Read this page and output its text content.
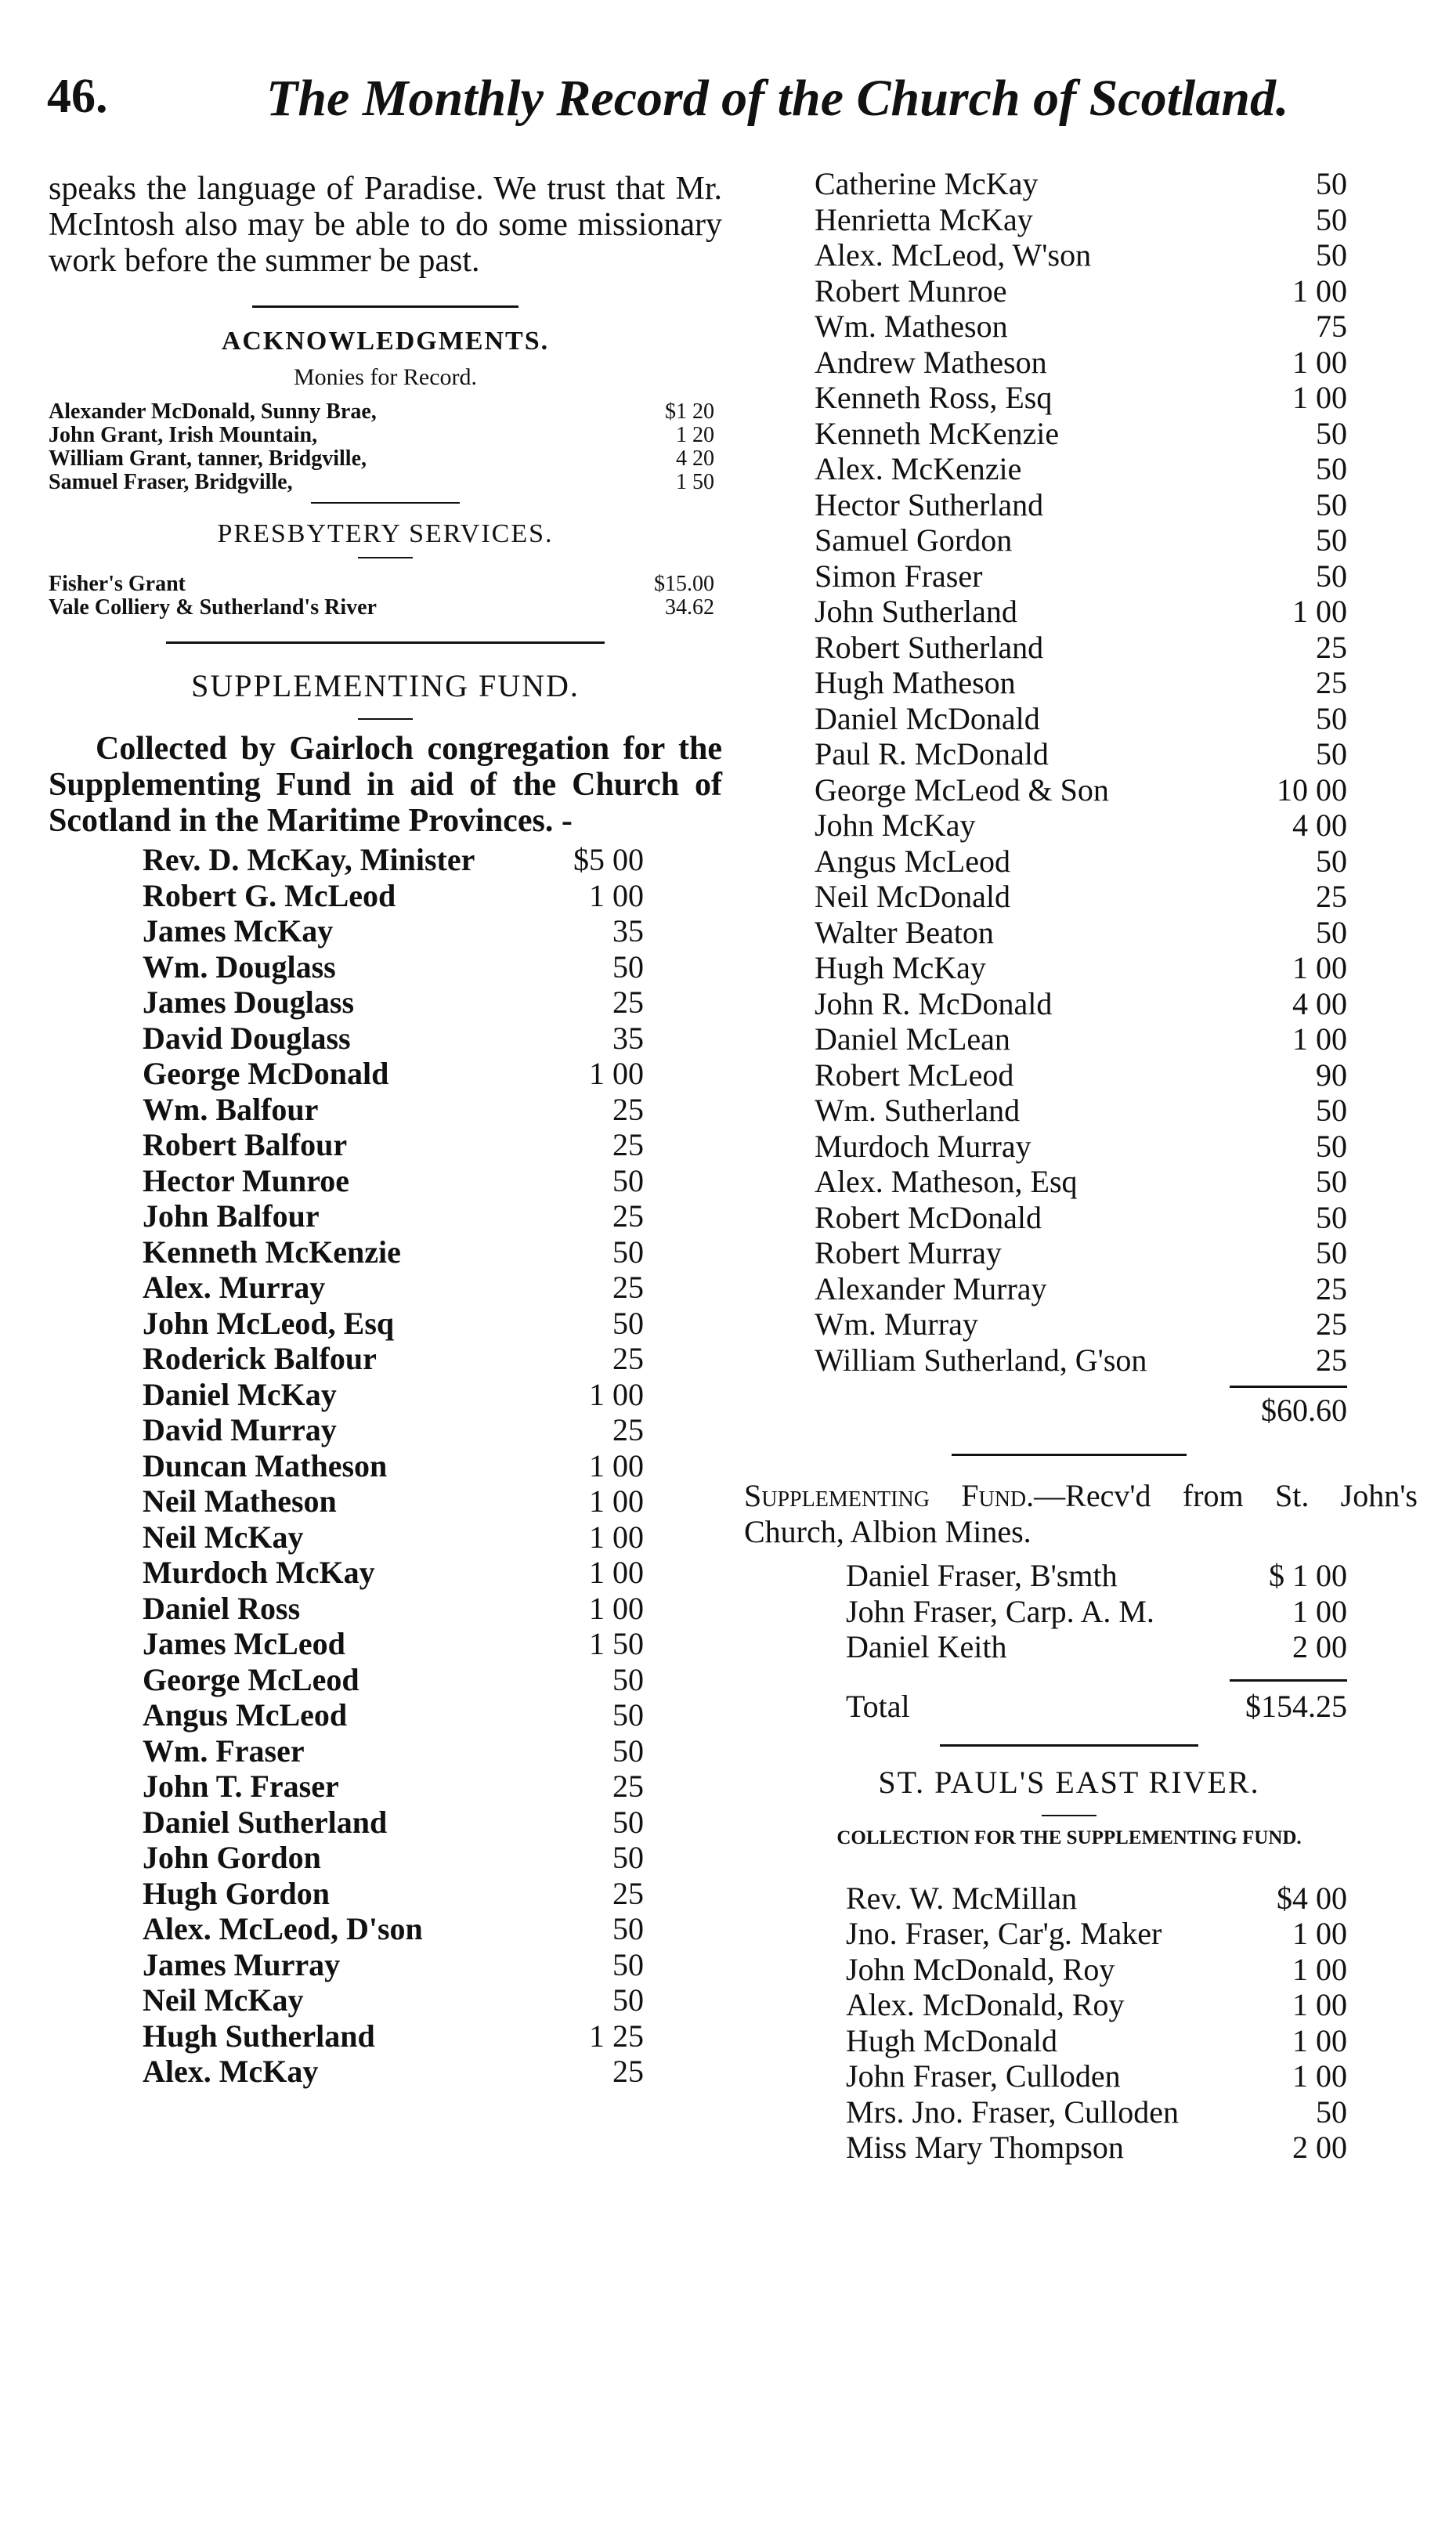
46.	The Monthly Record of the Church of Scotland.

speaks the language of Paradise. We trust that Mr. McIntosh also may be able to do some missionary work before the summer be past.

ACKNOWLEDGMENTS.
Monies for Record.
Alexander McDonald, Sunny Brae,	$1 20
John Grant, Irish Mountain,	1 20
William Grant, tanner, Bridgville,	4 20
Samuel Fraser, Bridgville,	1 50
PRESBYTERY SERVICES.
Fisher's Grant	$15.00
Vale Colliery & Sutherland's River	34.62
SUPPLEMENTING FUND.

Collected by Gairloch congregation for the Supplementing Fund in aid of the Church of Scotland in the Maritime Provinces. -

Rev. D. McKay, Minister	$5 00
Robert G. McLeod	1 00
James McKay	35
Wm. Douglass	50
James Douglass	25
David Douglass	35
George McDonald	1 00
Wm. Balfour	25
Robert Balfour	25
Hector Munroe	50
John Balfour	25
Kenneth McKenzie	50
Alex. Murray	25
John McLeod, Esq	50
Roderick Balfour	25
Daniel McKay	1 00
David Murray	25
Duncan Matheson	1 00
Neil Matheson	1 00
Neil McKay	1 00
Murdoch McKay	1 00
Daniel Ross	1 00
James McLeod	1 50
George McLeod	50
Angus McLeod	50
Wm. Fraser	50
John T. Fraser	25
Daniel Sutherland	50
John Gordon	50
Hugh Gordon	25
Alex. McLeod, D'son	50
James Murray	50
Neil McKay	50
Hugh Sutherland	1 25
Alex. McKay	25
Catherine McKay	50
Henrietta McKay	50
Alex. McLeod, W'son	50
Robert Munroe	1 00
Wm. Matheson	75
Andrew Matheson	1 00
Kenneth Ross, Esq	1 00
Kenneth McKenzie	50
Alex. McKenzie	50
Hector Sutherland	50
Samuel Gordon	50
Simon Fraser	50
John Sutherland	1 00
Robert Sutherland	25
Hugh Matheson	25
Daniel McDonald	50
Paul R. McDonald	50
George McLeod & Son	10 00
John McKay	4 00
Angus McLeod	50
Neil McDonald	25
Walter Beaton	50
Hugh McKay	1 00
John R. McDonald	4 00
Daniel McLean	1 00
Robert McLeod	90
Wm. Sutherland	50
Murdoch Murray	50
Alex. Matheson, Esq	50
Robert McDonald	50
Robert Murray	50
Alexander Murray	25
Wm. Murray	25
William Sutherland, G'son	25
$60.60

Supplementing Fund.—Recv'd from St. John's Church, Albion Mines.

Daniel Fraser, B'smth	$ 1 00
John Fraser, Carp. A. M.	1 00
Daniel Keith	2 00
Total	$154.25
ST. PAUL'S EAST RIVER.
COLLECTION FOR THE SUPPLEMENTING FUND.
Rev. W. McMillan	$4 00
Jno. Fraser, Car'g. Maker	1 00
John McDonald, Roy	1 00
Alex. McDonald, Roy	1 00
Hugh McDonald	1 00
John Fraser, Culloden	1 00
Mrs. Jno. Fraser, Culloden	50
Miss Mary Thompson	2 00
